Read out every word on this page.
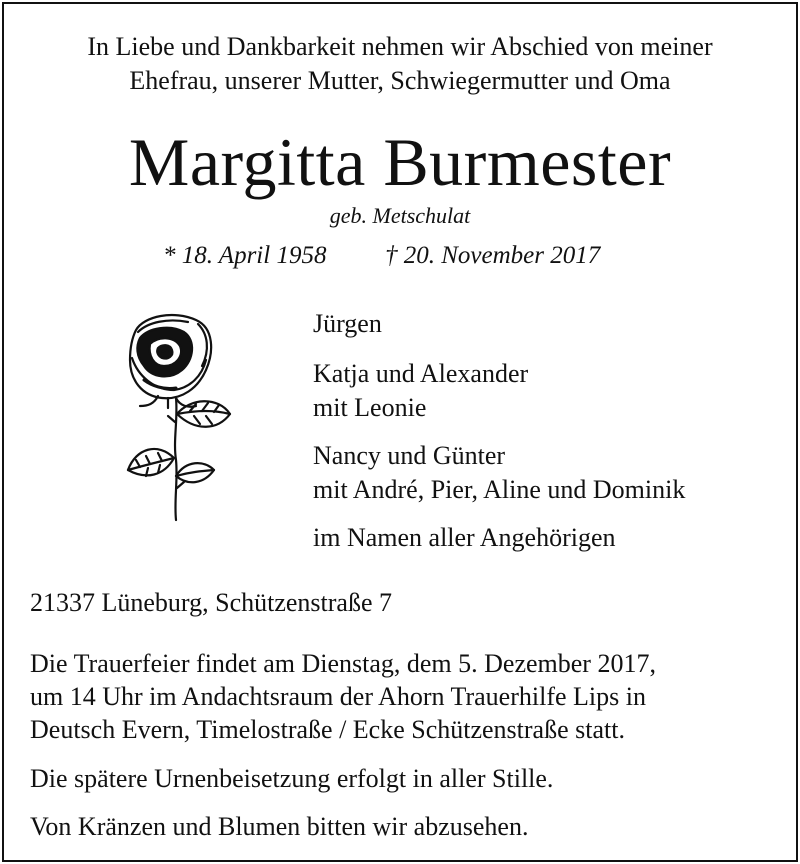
In Liebe und Dankbarkeit nehmen wir Abschied von meiner
Ehefrau, unserer Mutter, Schwiegermutter und Oma
Margitta Burmester
geb. Metschulat
* 18. April 1958 † 20. November 2017
Jürgen
Katja und Alexander
mit Leonie
Nancy und Günter
mit André, Pier, Aline und Dominik
im Namen aller Angehörigen
21337 Lüneburg, Schützenstraße 7
Die Trauerfeier findet am Dienstag, dem 5. Dezember 2017,
um 14 Uhr im Andachtsraum der Ahorn Trauerhilfe Lips in
Deutsch Evern, Timelostraße / Ecke Schützenstraße statt.
Die spätere Urnenbeisetzung erfolgt in aller Stille.
Von Kränzen und Blumen bitten wir abzusehen.
